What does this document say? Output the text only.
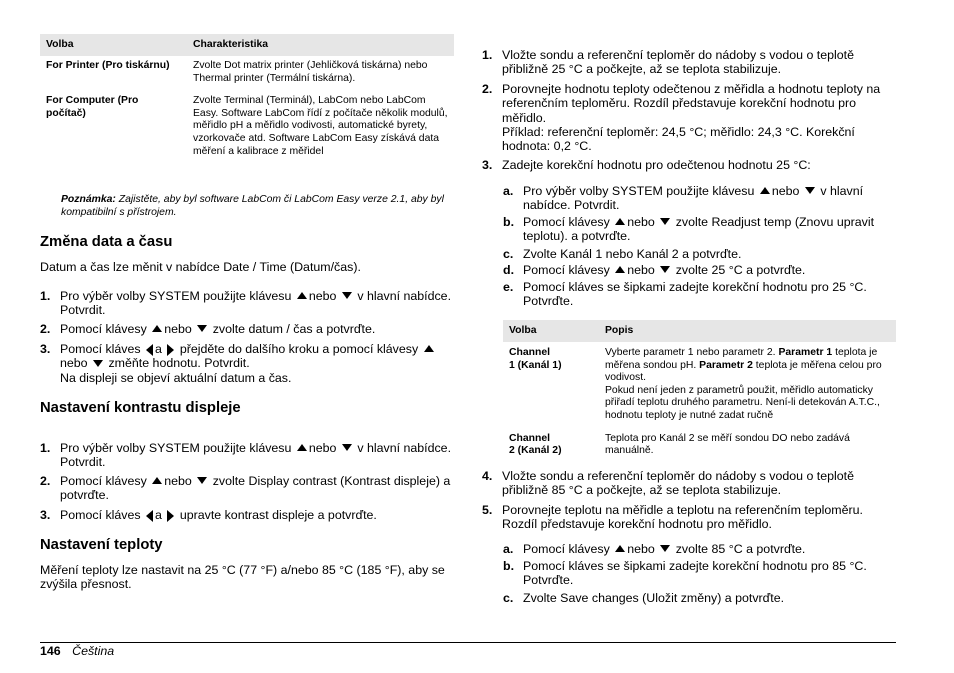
Volba	Charakteristika
For Printer (Pro tiskárnu)	Zvolte Dot matrix printer (Jehličková tiskárna) nebo Thermal printer (Termální tiskárna).
For Computer (Pro počítač)	Zvolte Terminal (Terminál), LabCom nebo LabCom Easy. Software LabCom řídí z počítače několik modulů, měřidlo pH a měřidlo vodivosti, automatické byrety, vzorkovače atd. Software LabCom Easy získává data měření a kalibrace z měřidel
Poznámka: Zajistěte, aby byl software LabCom či LabCom Easy verze 2.1, aby byl kompatibilní s přístrojem.
Změna data a času
Datum a čas lze měnit v nabídce Date / Time (Datum/čas).
1. Pro výběr volby SYSTEM použijte klávesu nebo v hlavní nabídce. Potvrdit.
2. Pomocí klávesy nebo zvolte datum / čas a potvrďte.
3. Pomocí kláves a přejděte do dalšího kroku a pomocí klávesy  nebo změňte hodnotu. Potvrdit.
Na displeji se objeví aktuální datum a čas.
Nastavení kontrastu displeje
1. Pro výběr volby SYSTEM použijte klávesu nebo v hlavní nabídce. Potvrdit.
2. Pomocí klávesy nebo zvolte Display contrast (Kontrast displeje) a potvrďte.
3. Pomocí kláves a upravte kontrast displeje a potvrďte.
Nastavení teploty
Měření teploty lze nastavit na 25 °C (77 °F) a/nebo 85 °C (185 °F), aby se zvýšila přesnost.
1. Vložte sondu a referenční teploměr do nádoby s vodou o teplotě přibližně 25 °C a počkejte, až se teplota stabilizuje.
2. Porovnejte hodnotu teploty odečtenou z měřidla a hodnotu teploty na referenčním teploměru. Rozdíl představuje korekční hodnotu pro měřidlo.
Příklad: referenční teploměr: 24,5 °C; měřidlo: 24,3 °C. Korekční hodnota: 0,2 °C.
3. Zadejte korekční hodnotu pro odečtenou hodnotu 25 °C:
a. Pro výběr volby SYSTEM použijte klávesu nebo v hlavní nabídce. Potvrdit.
b. Pomocí klávesy nebo zvolte Readjust temp (Znovu upravit teplotu). a potvrďte.
c. Zvolte Kanál 1 nebo Kanál 2 a potvrďte.
d. Pomocí klávesy nebo zvolte 25 °C a potvrďte.
e. Pomocí kláves se šipkami zadejte korekční hodnotu pro 25 °C. Potvrďte.
Volba	Popis
Channel
1 (Kanál 1)	Vyberte parametr 1 nebo parametr 2. Parametr 1 teplota je měřena sondou pH. Parametr 2 teplota je měřena celou pro vodivost.
Pokud není jeden z parametrů použit, měřidlo automaticky přiřadí teplotu druhého parametru. Není-li detekován A.T.C., hodnotu teploty je nutné zadat ručně
Channel
2 (Kanál 2)	Teplota pro Kanál 2 se měří sondou DO nebo zadává manuálně.
4. Vložte sondu a referenční teploměr do nádoby s vodou o teplotě přibližně 85 °C a počkejte, až se teplota stabilizuje.
5. Porovnejte teplotu na měřidle a teplotu na referenčním teploměru. Rozdíl představuje korekční hodnotu pro měřidlo.
a. Pomocí klávesy nebo zvolte 85 °C a potvrďte.
b. Pomocí kláves se šipkami zadejte korekční hodnotu pro 85 °C. Potvrďte.
c. Zvolte Save changes (Uložit změny) a potvrďte.
146 Čeština
